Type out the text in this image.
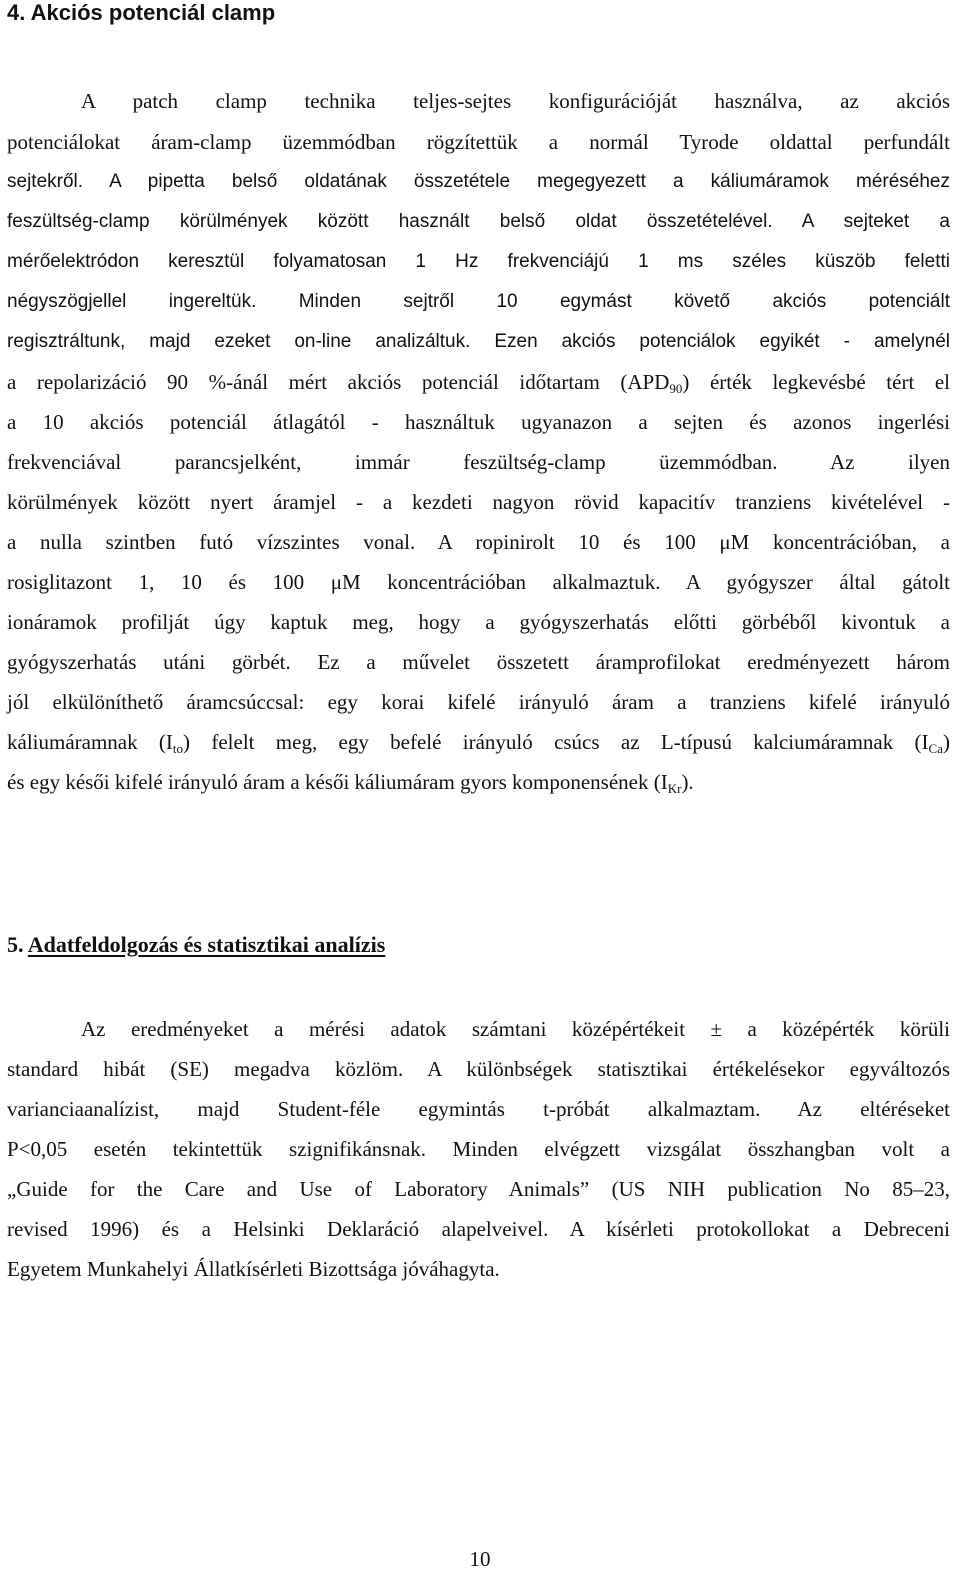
4. Akciós potenciál clamp
A patch clamp technika teljes-sejtes konfigurációját használva, az akciós
potenciálokat áram-clamp üzemmódban rögzítettük a normál Tyrode oldattal perfundált
sejtekről. A pipetta belső oldatának összetétele megegyezett a káliumáramok méréséhez
feszültség-clamp körülmények között használt belső oldat összetételével. A sejteket a
mérőelektródon keresztül folyamatosan 1 Hz frekvenciájú 1 ms széles küszöb feletti
négyszögjellel ingereltük. Minden sejtről 10 egymást követő akciós potenciált
regisztráltunk, majd ezeket on-line analizáltuk. Ezen akciós potenciálok egyikét - amelynél
a repolarizáció 90 %-ánál mért akciós potenciál időtartam $(APD_{90})$ érték legkevésbé tért el
a 10 akciós potenciál átlagától - használtuk ugyanazon a sejten és azonos ingerlési
frekvenciával parancsjelként, immár feszültség-clamp üzemmódban. Az ilyen
körülmények között nyert áramjel - a kezdeti nagyon rövid kapacitív tranziens kivételével -
a nulla szintben futó vízszintes vonal. A ropinirolt 10 és 100 μM koncentrációban, a
rosiglitazont 1, 10 és 100 μM koncentrációban alkalmaztuk. A gyógyszer által gátolt
ionáramok profilját úgy kaptuk meg, hogy a gyógyszerhatás előtti görbéből kivontuk a
gyógyszerhatás utáni görbét. Ez a művelet összetett áramprofilokat eredményezett három
jól elkülöníthető áramcsúccsal: egy korai kifelé irányuló áram a tranziens kifelé irányuló
káliumáramnak $(I_{to})$ felelt meg, egy befelé irányuló csúcs az L-típusú kalciumáramnak $(I_{Ca})$
és egy késői kifelé irányuló áram a késői káliumáram gyors komponensének $(I_{Kr})$.
5. Adatfeldolgozás és statisztikai analízis
Az eredményeket a mérési adatok számtani középértékeit ± a középérték körüli
standard hibát (SE) megadva közlöm. A különbségek statisztikai értékelésekor egyváltozós
varianciaanalízist, majd Student-féle egymintás t-próbát alkalmaztam. Az eltéréseket
P<0,05 esetén tekintettük szignifikánsnak. Minden elvégzett vizsgálat összhangban volt a
„Guide for the Care and Use of Laboratory Animals” (US NIH publication No 85–23,
revised 1996) és a Helsinki Deklaráció alapelveivel. A kísérleti protokollokat a Debreceni
Egyetem Munkahelyi Állatkísérleti Bizottsága jóváhagyta.
10
